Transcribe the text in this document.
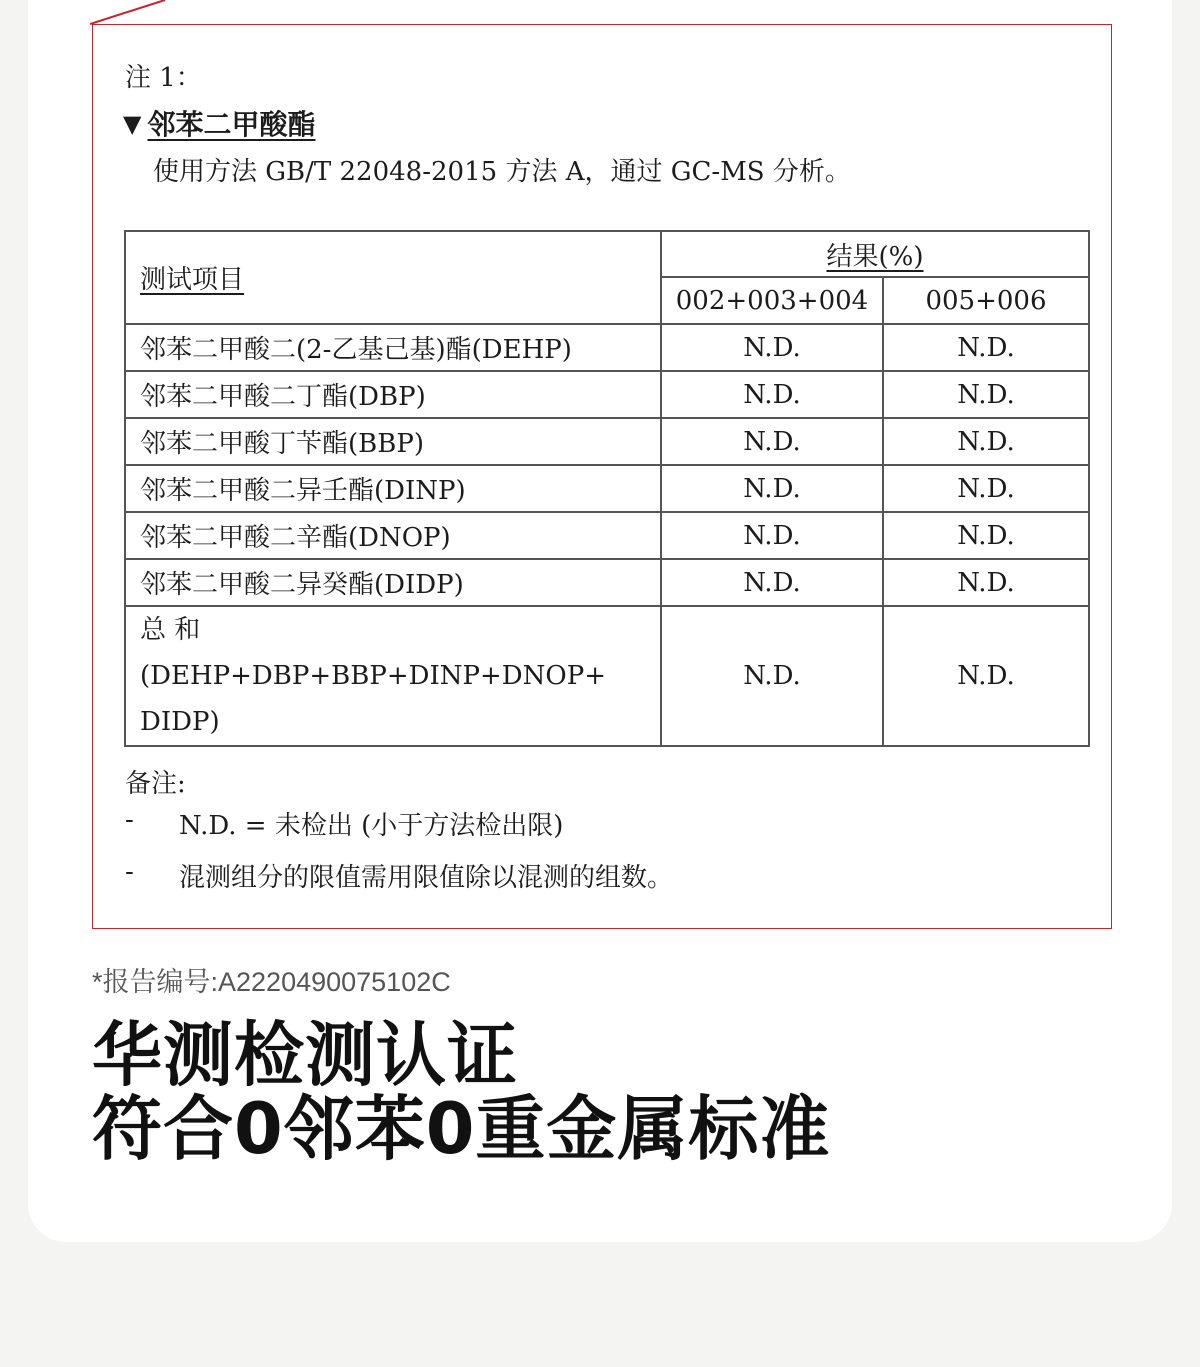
注 1：
▼ 邻苯二甲酸酯
使用方法 GB/T 22048-2015 方法 A，通过 GC-MS 分析。
测试项目	结果(%)	
	002+003+004	005+006
邻苯二甲酸二(2-乙基己基)酯(DEHP)	N.D.	N.D.
邻苯二甲酸二丁酯(DBP)	N.D.	N.D.
邻苯二甲酸丁苄酯(BBP)	N.D.	N.D.
邻苯二甲酸二异壬酯(DINP)	N.D.	N.D.
邻苯二甲酸二辛酯(DNOP)	N.D.	N.D.
邻苯二甲酸二异癸酯(DIDP)	N.D.	N.D.

总 和 (DEHP+DBP+BBP+DINP+DNOP+
DIDP)	N.D.	N.D.
备注:
-	N.D. = 未检出 (小于方法检出限)
-	混测组分的限值需用限值除以混测的组数。
*报告编号:A2220490075102C
华测检测认证
符合0邻苯0重金属标准
